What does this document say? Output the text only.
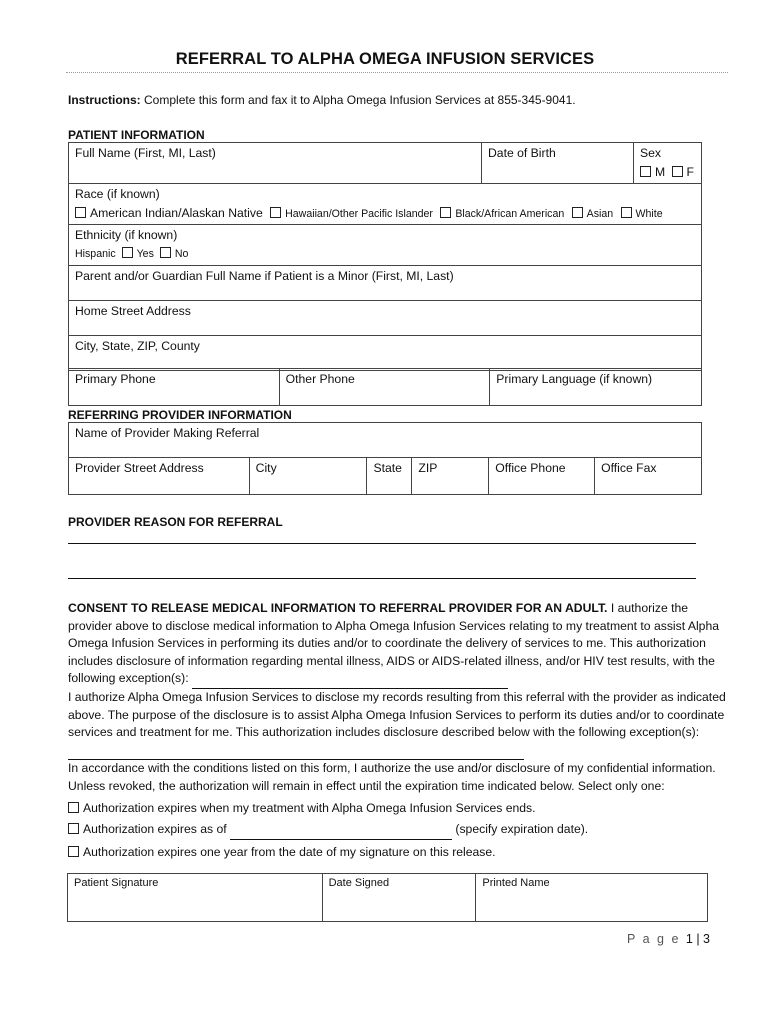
REFERRAL TO ALPHA OMEGA INFUSION SERVICES
Instructions: Complete this form and fax it to Alpha Omega Infusion Services at 855-345-9041.
PATIENT INFORMATION
Full Name (First, MI, Last)	Date of Birth	Sex
M F

Race (if known)
American Indian/Alaskan Native Hawaiian/Other Pacific Islander Black/African American Asian White

Ethnicity (if known)
Hispanic Yes No

Parent and/or Guardian Full Name if Patient is a Minor (First, MI, Last)
Home Street Address
City, State, ZIP, County
Primary Phone	Other Phone	Primary Language (if known)
REFERRING PROVIDER INFORMATION
Name of Provider Making Referral
Provider Street Address	City	State	ZIP	Office Phone	Office Fax
PROVIDER REASON FOR REFERRAL

CONSENT TO RELEASE MEDICAL INFORMATION TO REFERRAL PROVIDER FOR AN ADULT. I authorize the provider above to disclose medical information to Alpha Omega Infusion Services relating to my treatment to assist Alpha Omega Infusion Services in performing its duties and/or to coordinate the delivery of services to me. This authorization includes disclosure of information regarding mental illness, AIDS or AIDS-related illness, and/or HIV test results, with the following exception(s):

I authorize Alpha Omega Infusion Services to disclose my records resulting from this referral with the provider as indicated above. The purpose of the disclosure is to assist Alpha Omega Infusion Services to perform its duties and/or to coordinate services and treatment for me. This authorization includes disclosure described below with the following exception(s):

In accordance with the conditions listed on this form, I authorize the use and/or disclosure of my confidential information. Unless revoked, the authorization will remain in effect until the expiration time indicated below. Select only one:

Authorization expires when my treatment with Alpha Omega Infusion Services ends.

Authorization expires as of	(specify expiration date).

Authorization expires one year from the date of my signature on this release.

Patient Signature	Date Signed	Printed Name
P a g e 1 | 3
